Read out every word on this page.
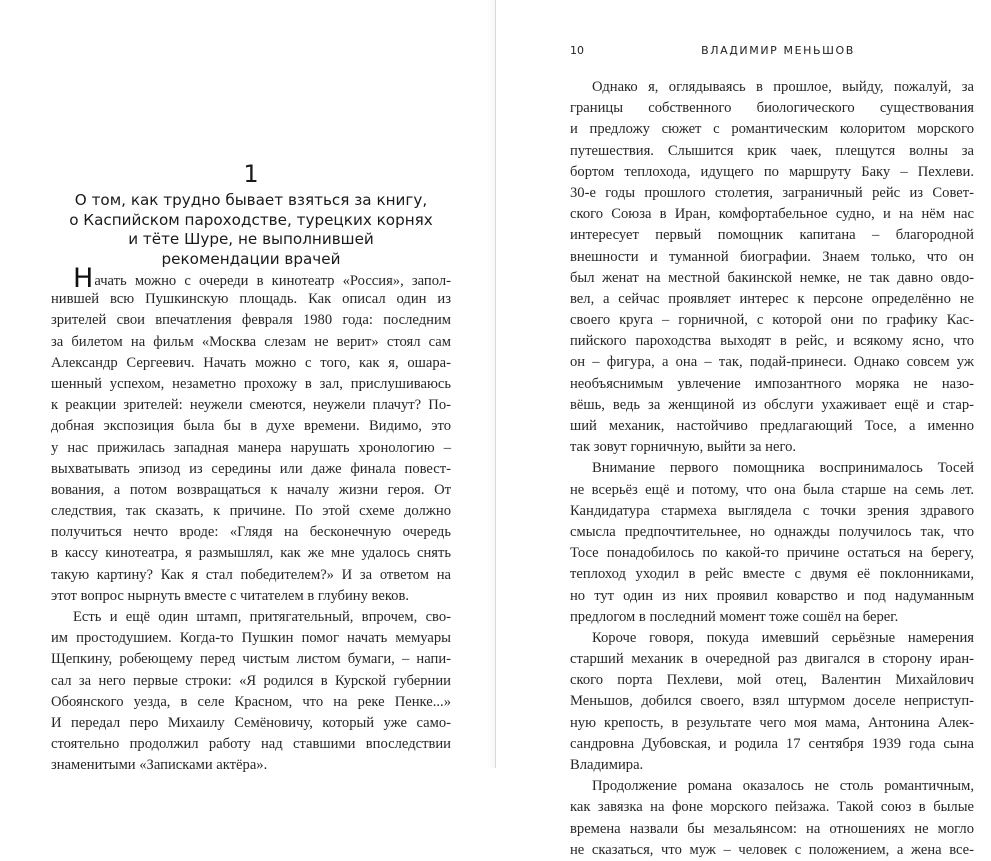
1
О том, как трудно бывает взяться за книгу,
о Каспийском пароходстве, турецких корнях
и тёте Шуре, не выполнившей
рекомендации врачей
Начать можно с очереди в кинотеатр «Россия», запол-
нившей всю Пушкинскую площадь. Как описал один из
зрителей свои впечатления февраля 1980 года: последним
за билетом на фильм «Москва слезам не верит» стоял сам
Александр Сергеевич. Начать можно с того, как я, ошара-
шенный успехом, незаметно прохожу в зал, прислушиваюсь
к реакции зрителей: неужели смеются, неужели плачут? По-
добная экспозиция была бы в духе времени. Видимо, это
у нас прижилась западная манера нарушать хронологию –
выхватывать эпизод из середины или даже финала повест-
вования, а потом возвращаться к началу жизни героя. От
следствия, так сказать, к причине. По этой схеме должно
получиться нечто вроде: «Глядя на бесконечную очередь
в кассу кинотеатра, я размышлял, как же мне удалось снять
такую картину? Как я стал победителем?» И за ответом на
этот вопрос нырнуть вместе с читателем в глубину веков.
Есть и ещё один штамп, притягательный, впрочем, сво-
им простодушием. Когда-то Пушкин помог начать мемуары
Щепкину, робеющему перед чистым листом бумаги, – напи-
сал за него первые строки: «Я родился в Курской губернии
Обоянского уезда, в селе Красном, что на реке Пенке...»
И передал перо Михаилу Семёновичу, который уже само-
стоятельно продолжил работу над ставшими впоследствии
знаменитыми «Записками актёра».
10	ВЛАДИМИР МЕНЬШОВ
Однако я, оглядываясь в прошлое, выйду, пожалуй, за
границы собственного биологического существования
и предложу сюжет с романтическим колоритом морского
путешествия. Слышится крик чаек, плещутся волны за
бортом теплохода, идущего по маршруту Баку – Пехлеви.
30-е годы прошлого столетия, заграничный рейс из Совет-
ского Союза в Иран, комфортабельное судно, и на нём нас
интересует первый помощник капитана – благородной
внешности и туманной биографии. Знаем только, что он
был женат на местной бакинской немке, не так давно овдо-
вел, а сейчас проявляет интерес к персоне определённо не
своего круга – горничной, с которой они по графику Кас-
пийского пароходства выходят в рейс, и всякому ясно, что
он – фигура, а она – так, подай-принеси. Однако совсем уж
необъяснимым увлечение импозантного моряка не назо-
вёшь, ведь за женщиной из обслуги ухаживает ещё и стар-
ший механик, настойчиво предлагающий Тосе, а именно
так зовут горничную, выйти за него.
Внимание первого помощника воспринималось Тосей
не всерьёз ещё и потому, что она была старше на семь лет.
Кандидатура стармеха выглядела с точки зрения здравого
смысла предпочтительнее, но однажды получилось так, что
Тосе понадобилось по какой-то причине остаться на берегу,
теплоход уходил в рейс вместе с двумя её поклонниками,
но тут один из них проявил коварство и под надуманным
предлогом в последний момент тоже сошёл на берег.
Короче говоря, покуда имевший серьёзные намерения
старший механик в очередной раз двигался в сторону иран-
ского порта Пехлеви, мой отец, Валентин Михайлович
Меньшов, добился своего, взял штурмом доселе неприступ-
ную крепость, в результате чего моя мама, Антонина Алек-
сандровна Дубовская, и родила 17 сентября 1939 года сына
Владимира.
Продолжение романа оказалось не столь романтичным,
как завязка на фоне морского пейзажа. Такой союз в былые
времена назвали бы мезальянсом: на отношениях не могло
не сказаться, что муж – человек с положением, а жена все-
